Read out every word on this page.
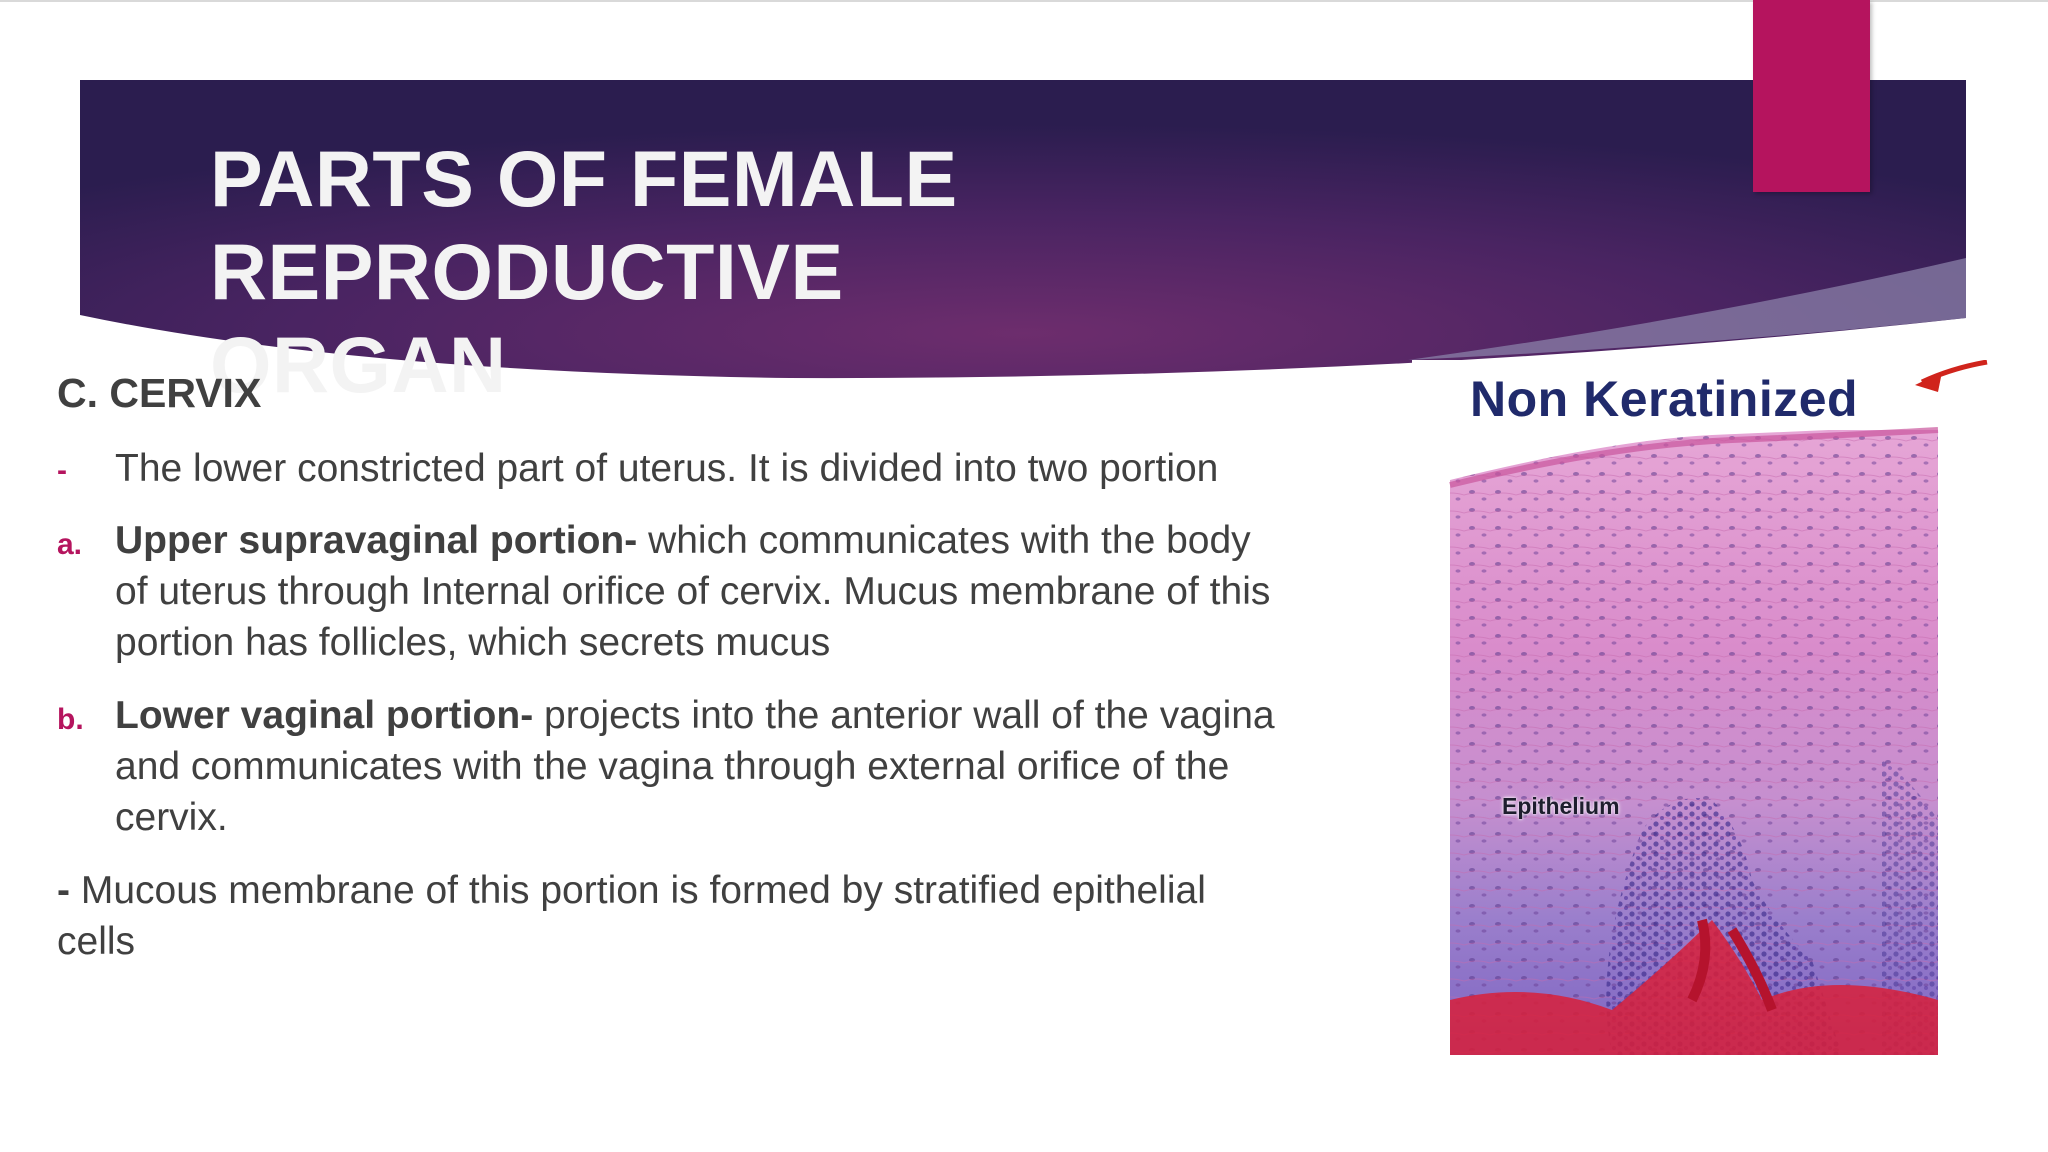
PARTS OF FEMALE REPRODUCTIVE
ORGAN
C. CERVIX
-	The lower constricted part of uterus. It is divided into two portion
a. Upper supravaginal portion- which communicates with the body
of uterus through Internal orifice of cervix. Mucus membrane of this
portion has follicles, which secrets mucus
b. Lower vaginal portion- projects into the anterior wall of the vagina
and communicates with the vagina through external orifice of the
cervix.
- Mucous membrane of this portion is formed by stratified epithelial
cells

Non Keratinized

Epithelium
